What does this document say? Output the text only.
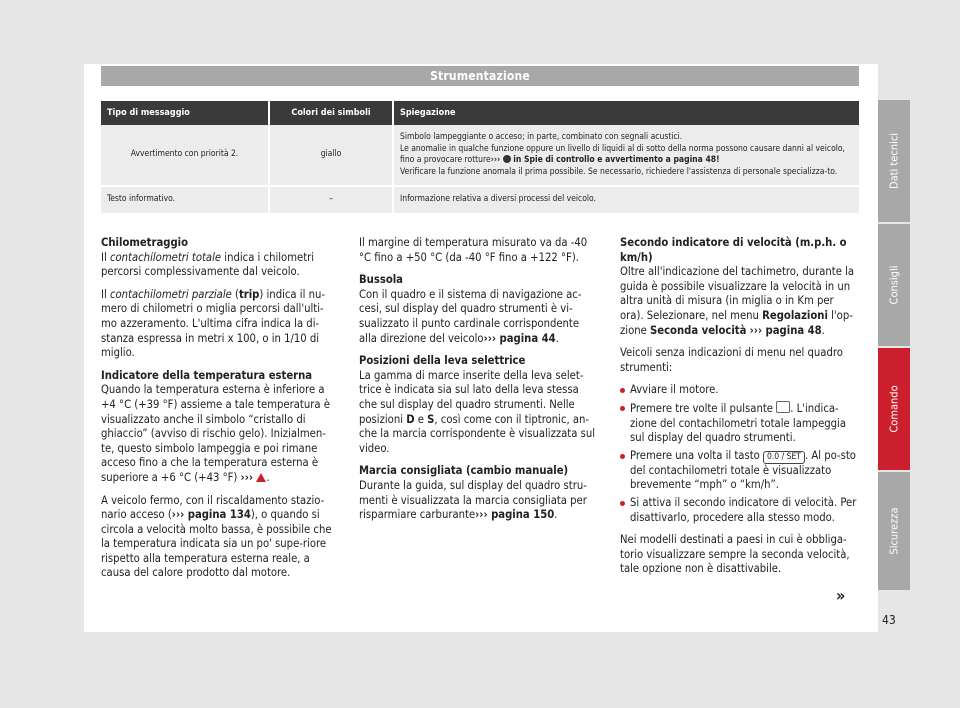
Strumentazione
Tipo di messaggio	Colori dei simboli	Spiegazione
Avvertimento con priorità 2.	giallo	Simbolo lampeggiante o acceso; in parte, combinato con segnali acustici.
Le anomalie in qualche funzione oppure un livello di liquidi al di sotto della norma possono causare danni al veicolo, fino a provocare rotture›››  in Spie di controllo e avvertimento a pagina 48!
Verificare la funzione anomala il prima possibile. Se necessario, richiedere l'assistenza di personale specializza-to.
Testo informativo.	–	Informazione relativa a diversi processi del veicolo.
Chilometraggio

Il contachilometri totale indica i chilometri percorsi complessivamente dal veicolo.

Il contachilometri parziale (trip) indica il nu-mero di chilometri o miglia percorsi dall'ulti-mo azzeramento. L'ultima cifra indica la di-stanza espressa in metri x 100, o in 1/10 di miglio.

Indicatore della temperatura esterna

Quando la temperatura esterna è inferiore a +4 °C (+39 °F) assieme a tale temperatura è visualizzato anche il simbolo “cristallo di ghiaccio” (avviso di rischio gelo). Inizialmen-te, questo simbolo lampeggia e poi rimane acceso fino a che la temperatura esterna è superiore a +6 °C (+43 °F) ››› .

A veicolo fermo, con il riscaldamento stazio-nario acceso (››› pagina 134), o quando si circola a velocità molto bassa, è possibile che la temperatura indicata sia un po' supe-riore rispetto alla temperatura esterna reale, a causa del calore prodotto dal motore.

Il margine di temperatura misurato va da -40 °C fino a +50 °C (da -40 °F fino a +122 °F).

Bussola

Con il quadro e il sistema di navigazione ac-cesi, sul display del quadro strumenti è vi-sualizzato il punto cardinale corrispondente alla direzione del veicolo››› pagina 44.

Posizioni della leva selettrice

La gamma di marce inserite della leva selet-trice è indicata sia sul lato della leva stessa che sul display del quadro strumenti. Nelle posizioni D e S, così come con il tiptronic, an-che la marcia corrispondente è visualizzata sul video.

Marcia consigliata (cambio manuale)

Durante la guida, sul display del quadro stru-menti è visualizzata la marcia consigliata per risparmiare carburante››› pagina 150.

Secondo indicatore di velocità (m.p.h. o km/h)

Oltre all'indicazione del tachimetro, durante la guida è possibile visualizzare la velocità in un altra unità di misura (in miglia o in Km per ora). Selezionare, nel menu Regolazioni l'op-zione Seconda velocità ››› pagina 48.

Veicoli senza indicazioni di menu nel quadro strumenti:

Avviare il motore.
Premere tre volte il pulsante . L'indica-zione del contachilometri totale lampeggia sul display del quadro strumenti.
Premere una volta il tasto 0.0 / SET . Al po-sto del contachilometri totale è visualizzato brevemente “mph” o “km/h”.
Si attiva il secondo indicatore di velocità. Per disattivarlo, procedere alla stesso modo.

Nei modelli destinati a paesi in cui è obbliga-torio visualizzare sempre la seconda velocità, tale opzione non è disattivabile.

»
Dati tecnici
Consigli
Comando
Sicurezza
43
